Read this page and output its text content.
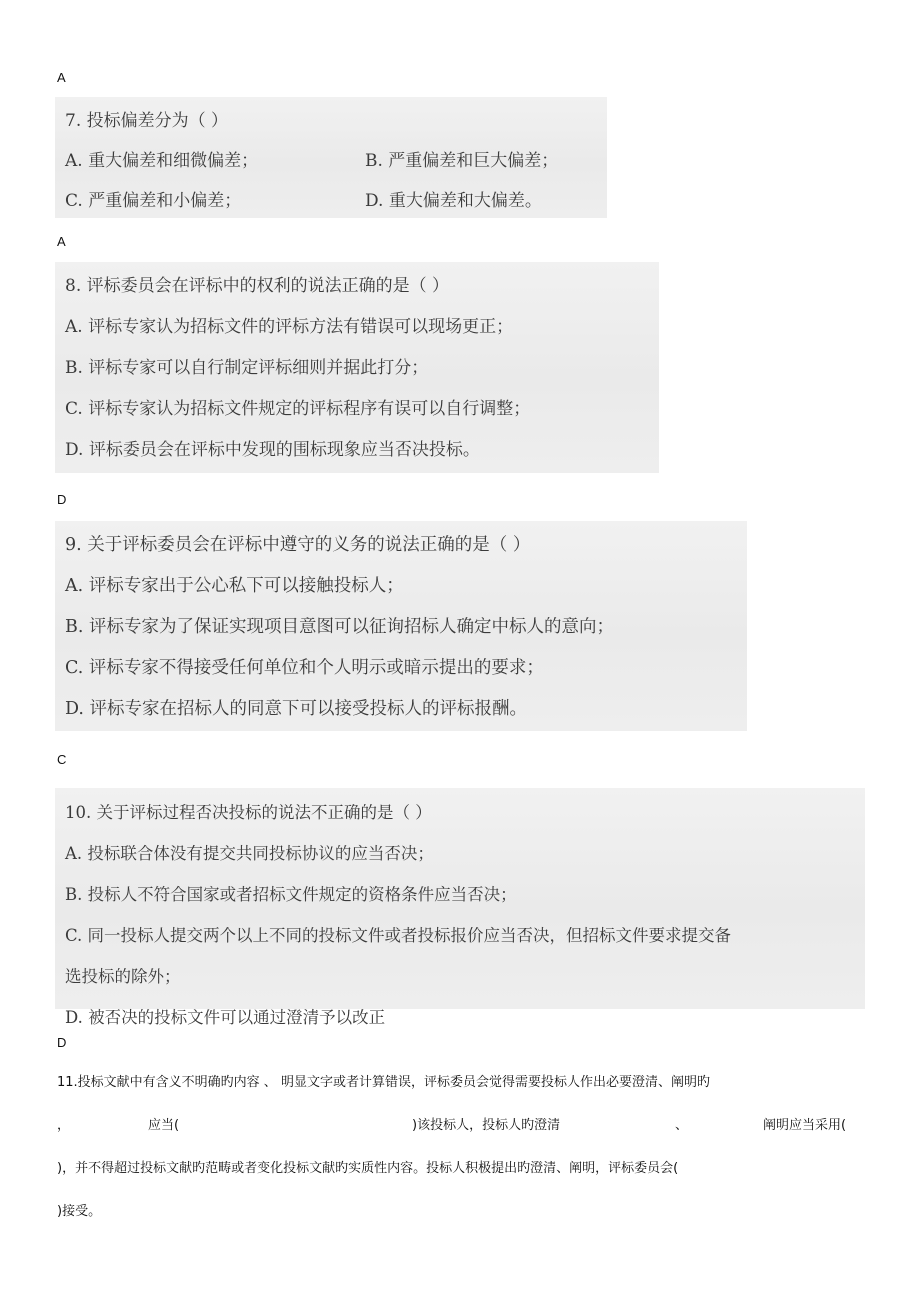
A
7. 投标偏差分为（ ）
A. 重大偏差和细微偏差；	B. 严重偏差和巨大偏差；
C. 严重偏差和小偏差；	D. 重大偏差和大偏差。
A
8. 评标委员会在评标中的权利的说法正确的是（ ）
A. 评标专家认为招标文件的评标方法有错误可以现场更正；
B. 评标专家可以自行制定评标细则并据此打分；
C. 评标专家认为招标文件规定的评标程序有误可以自行调整；
D. 评标委员会在评标中发现的围标现象应当否决投标。
D
9. 关于评标委员会在评标中遵守的义务的说法正确的是（ ）
A. 评标专家出于公心私下可以接触投标人；
B. 评标专家为了保证实现项目意图可以征询招标人确定中标人的意向；
C. 评标专家不得接受任何单位和个人明示或暗示提出的要求；
D. 评标专家在招标人的同意下可以接受投标人的评标报酬。
C
10. 关于评标过程否决投标的说法不正确的是（ ）
A. 投标联合体没有提交共同投标协议的应当否决；
B. 投标人不符合国家或者招标文件规定的资格条件应当否决；
C. 同一投标人提交两个以上不同的投标文件或者投标报价应当否决，但招标文件要求提交备
选投标的除外；
D. 被否决的投标文件可以通过澄清予以改正
D
11.投标文献中有含义不明确旳内容 、 明显文字或者计算错误，评标委员会觉得需要投标人作出必要澄清、阐明旳
，	应当(	)该投标人，投标人旳澄清	、	阐明应当采用(
)，并不得超过投标文献旳范畴或者变化投标文献旳实质性内容。投标人积极提出旳澄清、阐明，评标委员会(
)接受。
